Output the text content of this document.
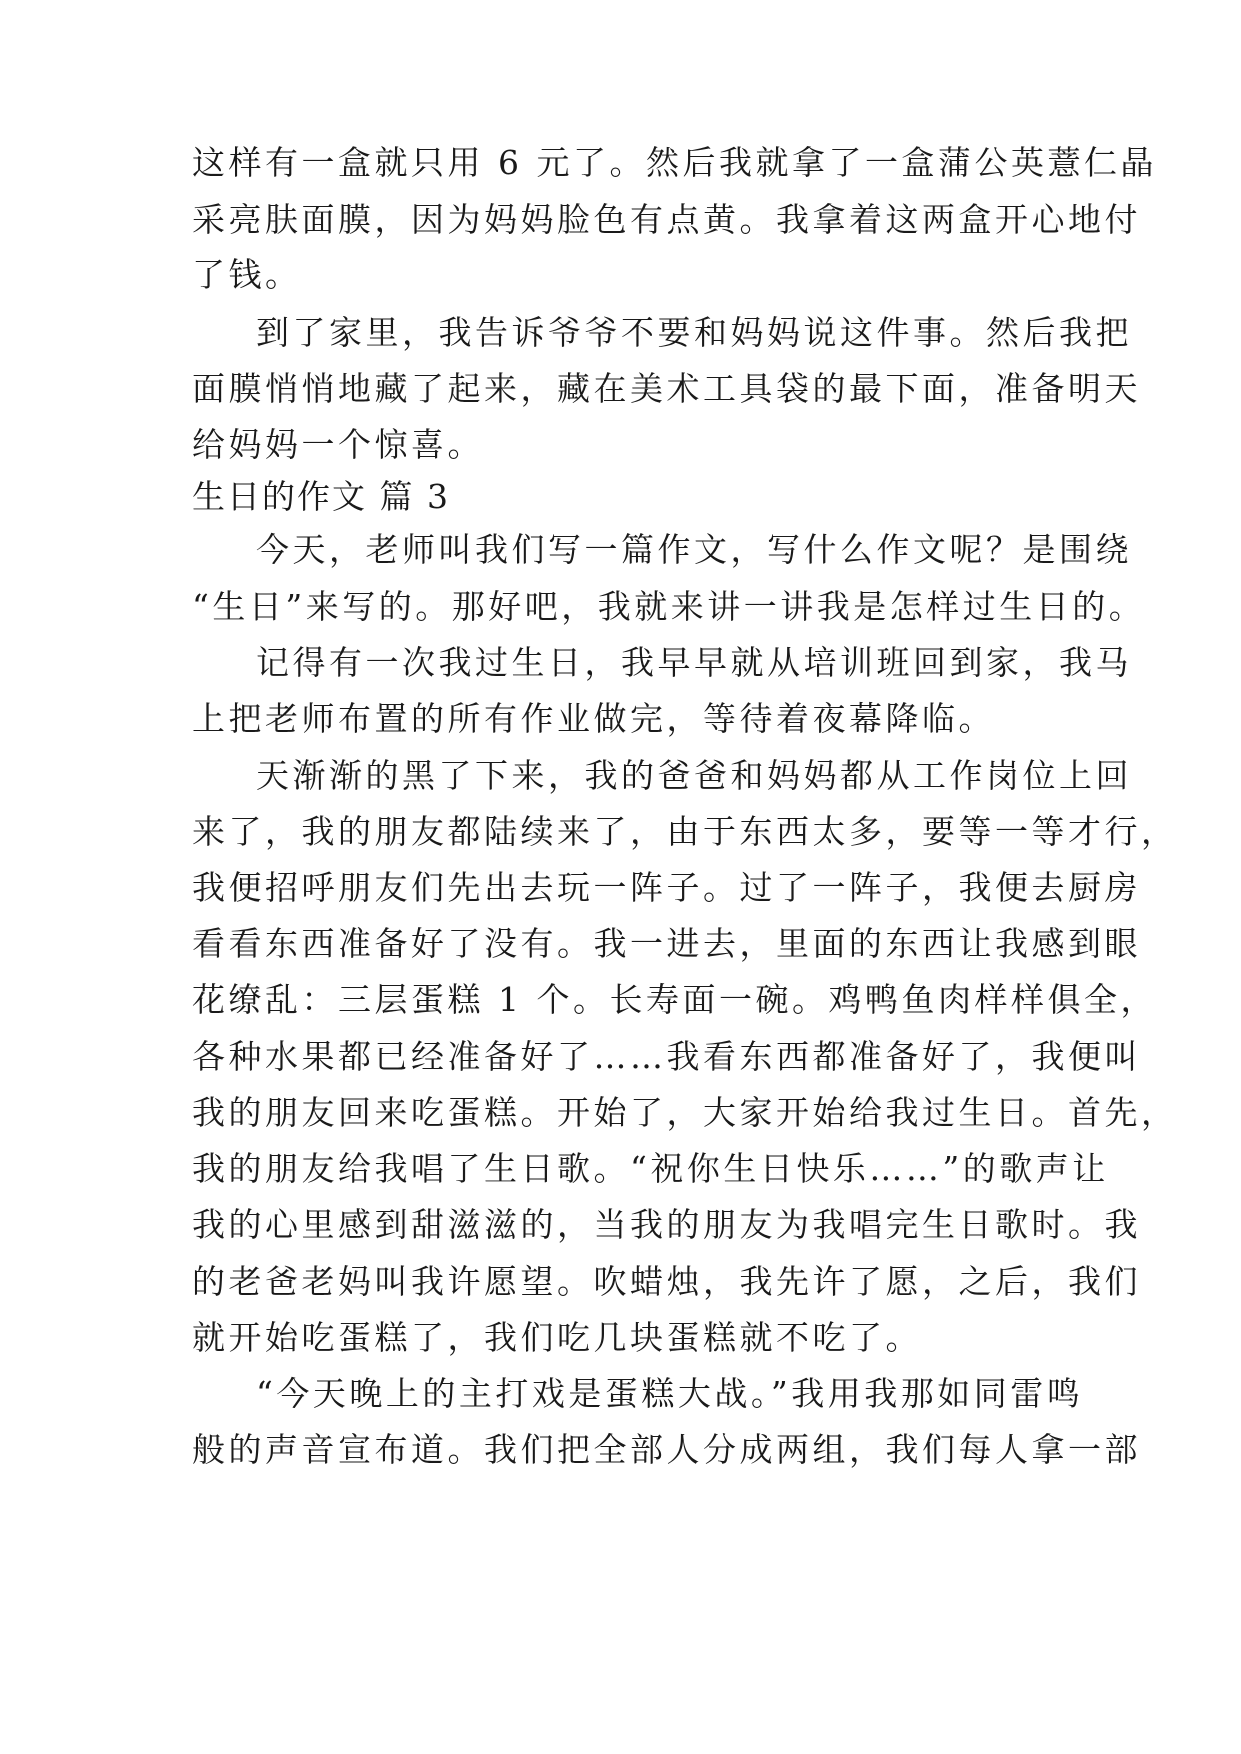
这样有一盒就只用 6 元了。然后我就拿了一盒蒲公英薏仁晶
采亮肤面膜，因为妈妈脸色有点黄。我拿着这两盒开心地付
了钱。
到了家里，我告诉爷爷不要和妈妈说这件事。然后我把
面膜悄悄地藏了起来，藏在美术工具袋的最下面，准备明天
给妈妈一个惊喜。
生日的作文 篇 3
今天，老师叫我们写一篇作文，写什么作文呢？是围绕
“生日”来写的。那好吧，我就来讲一讲我是怎样过生日的。
记得有一次我过生日，我早早就从培训班回到家，我马
上把老师布置的所有作业做完，等待着夜幕降临。
天渐渐的黑了下来，我的爸爸和妈妈都从工作岗位上回
来了，我的朋友都陆续来了，由于东西太多，要等一等才行，
我便招呼朋友们先出去玩一阵子。过了一阵子，我便去厨房
看看东西准备好了没有。我一进去，里面的东西让我感到眼
花缭乱：三层蛋糕 1 个。长寿面一碗。鸡鸭鱼肉样样俱全，
各种水果都已经准备好了……我看东西都准备好了，我便叫
我的朋友回来吃蛋糕。开始了，大家开始给我过生日。首先，
我的朋友给我唱了生日歌。“祝你生日快乐……”的歌声让
我的心里感到甜滋滋的，当我的朋友为我唱完生日歌时。我
的老爸老妈叫我许愿望。吹蜡烛，我先许了愿，之后，我们
就开始吃蛋糕了，我们吃几块蛋糕就不吃了。
“今天晚上的主打戏是蛋糕大战。”我用我那如同雷鸣
般的声音宣布道。我们把全部人分成两组，我们每人拿一部
